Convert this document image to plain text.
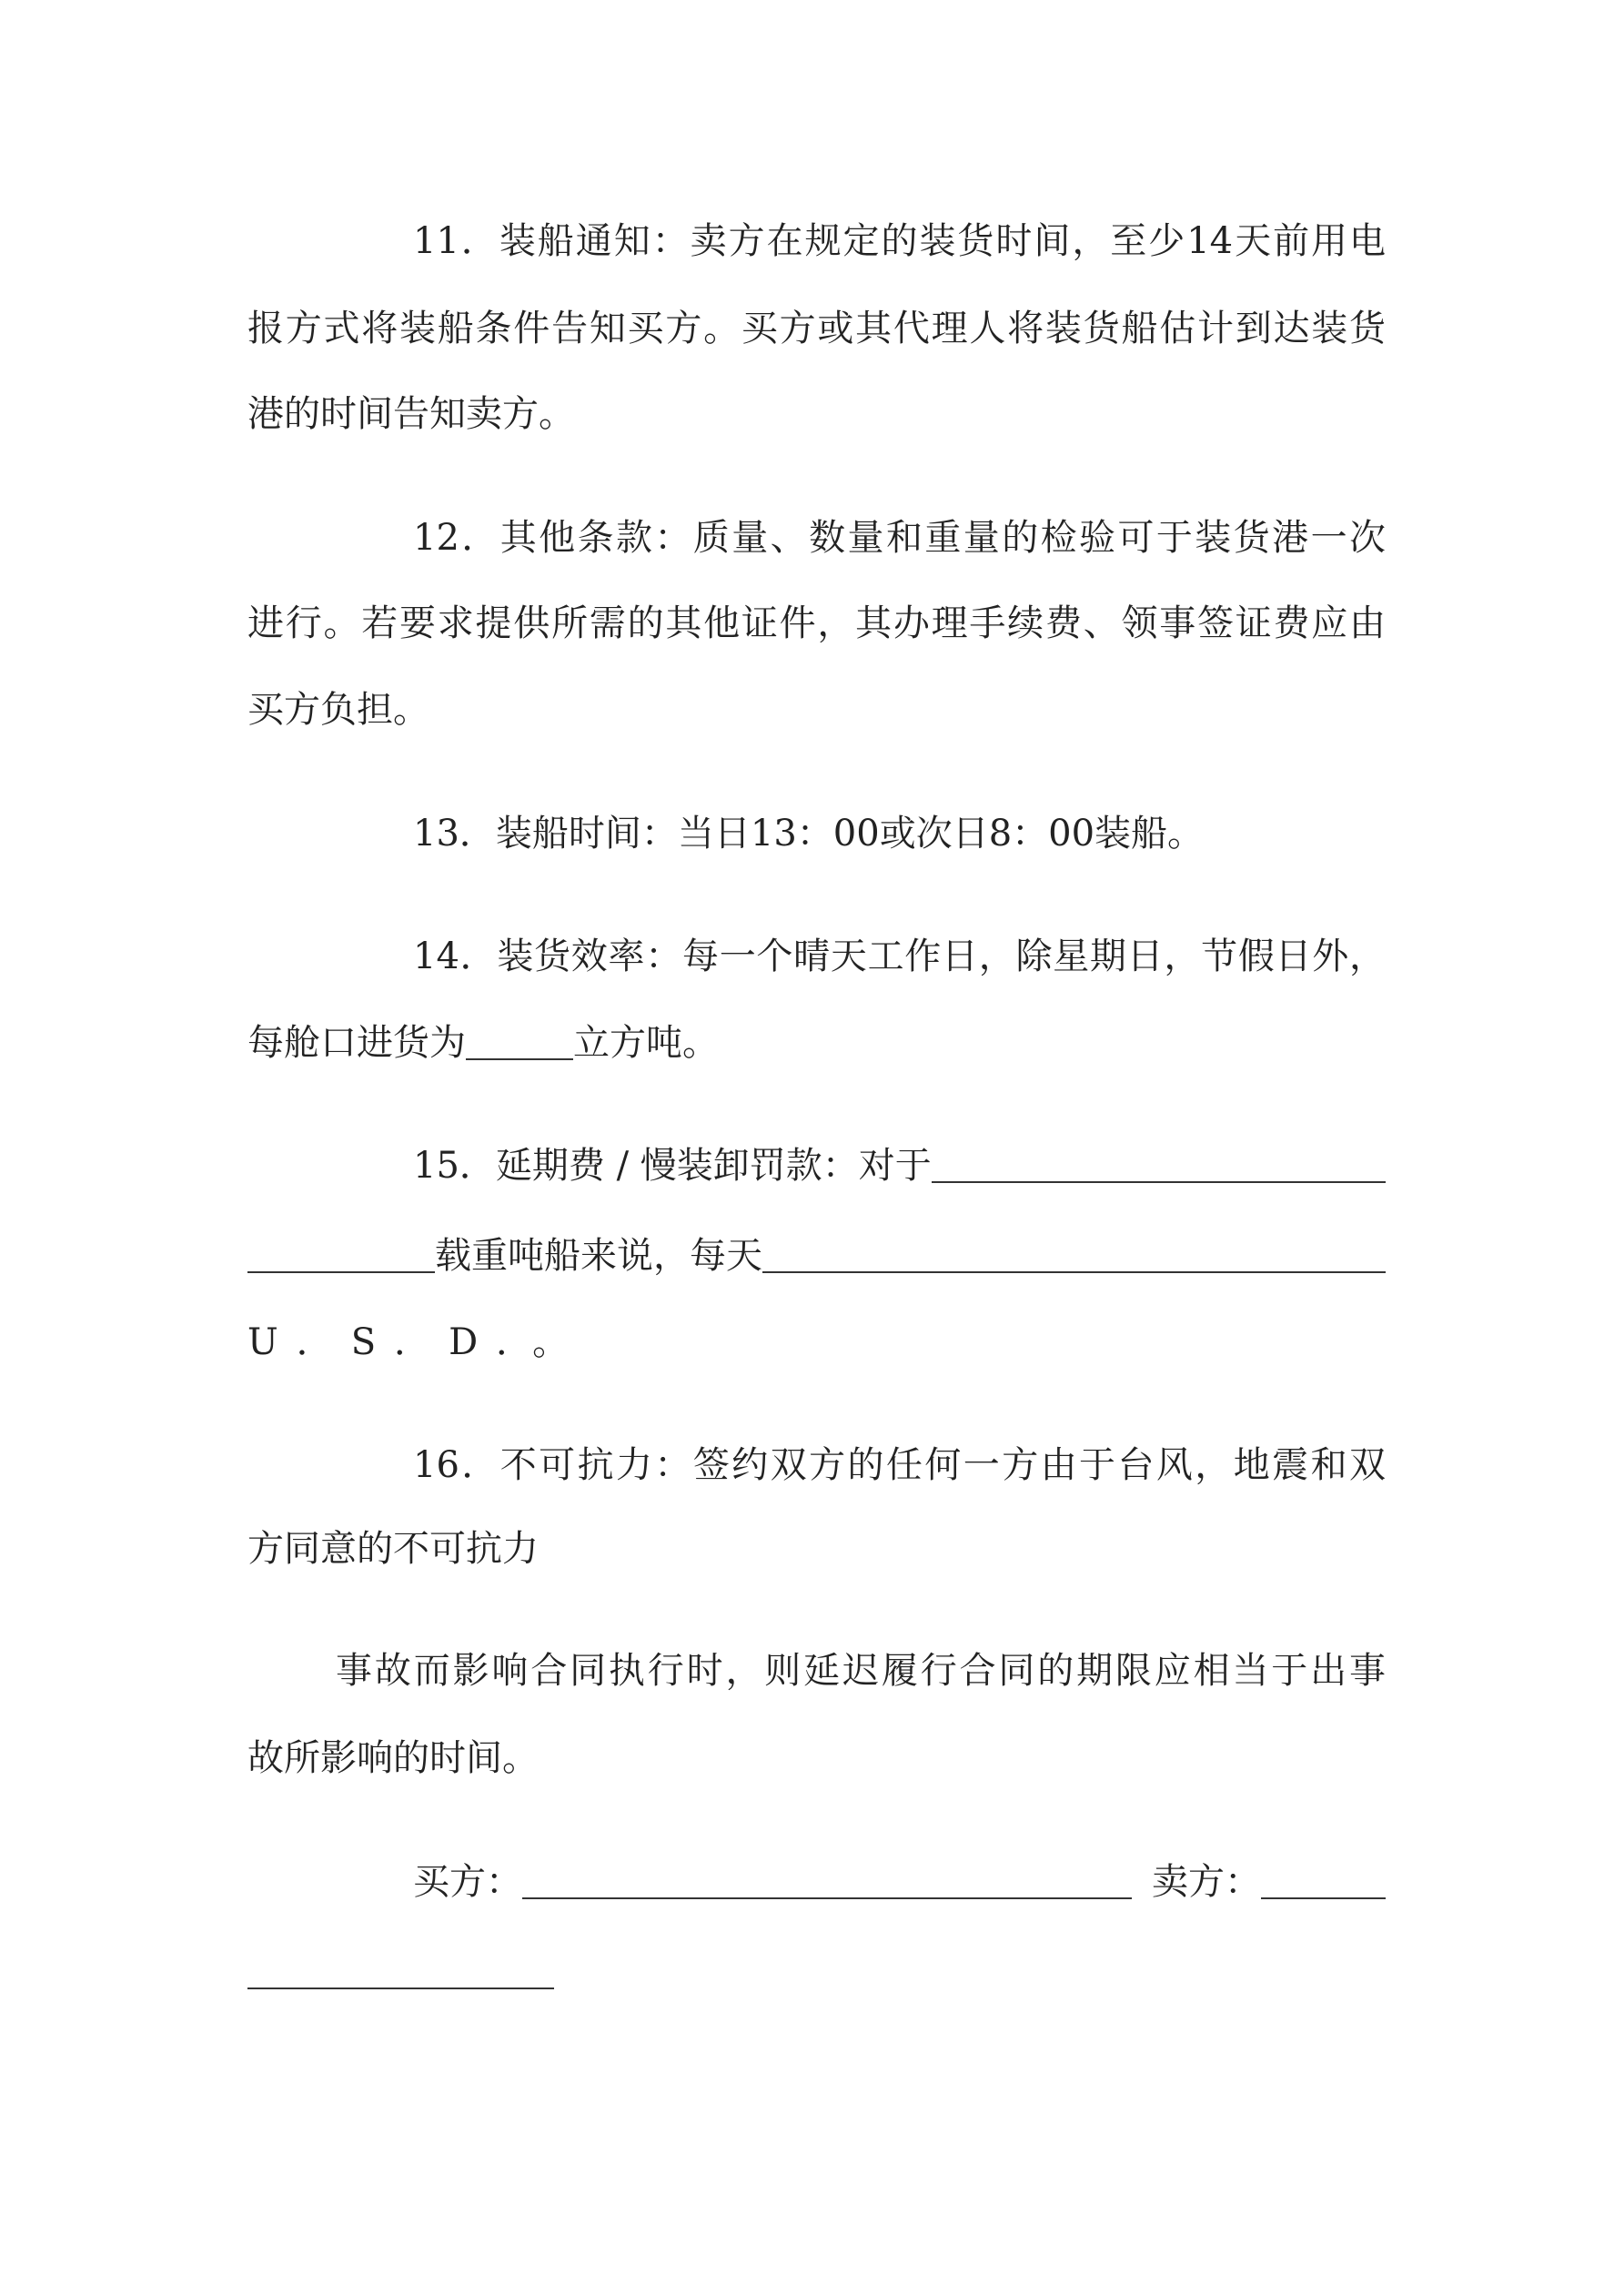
11．装船通知：卖方在规定的装货时间，至少14天前用电
报方式将装船条件告知买方。买方或其代理人将装货船估计到达装货
港的时间告知卖方。
12．其他条款：质量、数量和重量的检验可于装货港一次
进行。若要求提供所需的其他证件，其办理手续费、领事签证费应由
买方负担。
13．装船时间：当日13：00或次日8：00装船。
14．装货效率：每一个晴天工作日，除星期日，节假日外，
每舱口进货为	立方吨。
15．延期费 / 慢装卸罚款：对于
载重吨船来说，每天
U．S．D．。
16．不可抗力：签约双方的任何一方由于台风，地震和双
方同意的不可抗力
事故而影响合同执行时，则延迟履行合同的期限应相当于出事
故所影响的时间。
买方：	卖方：
